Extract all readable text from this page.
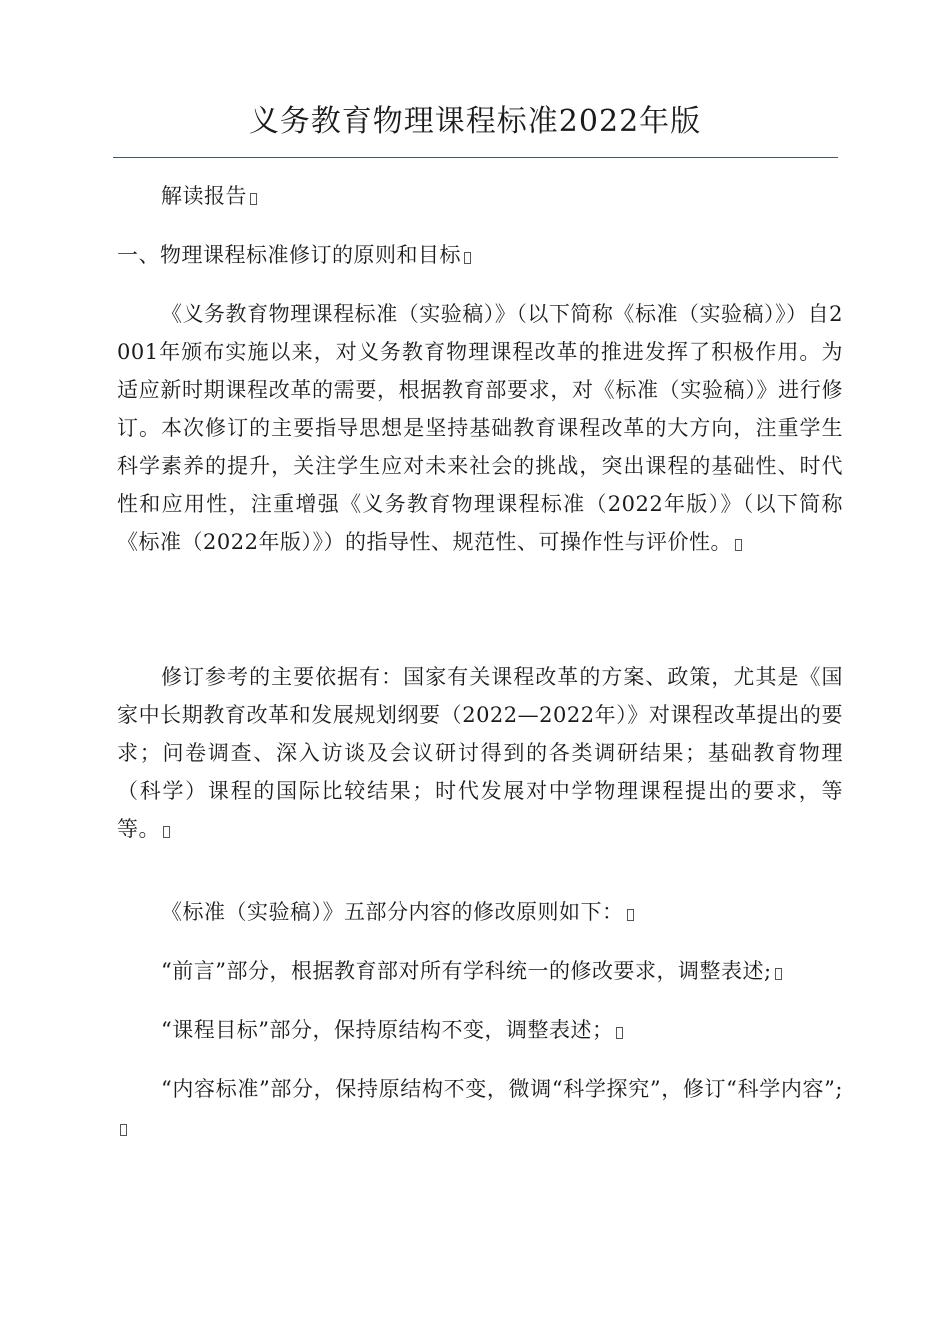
义务教育物理课程标准2022年版

解读报告

一、物理课程标准修订的原则和目标

《义务教育物理课程标准（实验稿）》（以下简称《标准（实验稿）》）自2001年颁布实施以来，对义务教育物理课程改革的推进发挥了积极作用。为适应新时期课程改革的需要，根据教育部要求，对《标准（实验稿）》进行修订。本次修订的主要指导思想是坚持基础教育课程改革的大方向，注重学生科学素养的提升，关注学生应对未来社会的挑战，突出课程的基础性、时代性和应用性，注重增强《义务教育物理课程标准（2022年版）》（以下简称《标准（2022年版）》）的指导性、规范性、可操作性与评价性。

修订参考的主要依据有：国家有关课程改革的方案、政策，尤其是《国家中长期教育改革和发展规划纲要（2022—2022年）》对课程改革提出的要求；问卷调查、深入访谈及会议研讨得到的各类调研结果；基础教育物理（科学）课程的国际比较结果；时代发展对中学物理课程提出的要求，等等。

《标准（实验稿）》五部分内容的修改原则如下：

“前言”部分，根据教育部对所有学科统一的修改要求，调整表述;

“课程目标”部分，保持原结构不变，调整表述；

“内容标准”部分，保持原结构不变，微调“科学探究”，修订“科学内容”;
